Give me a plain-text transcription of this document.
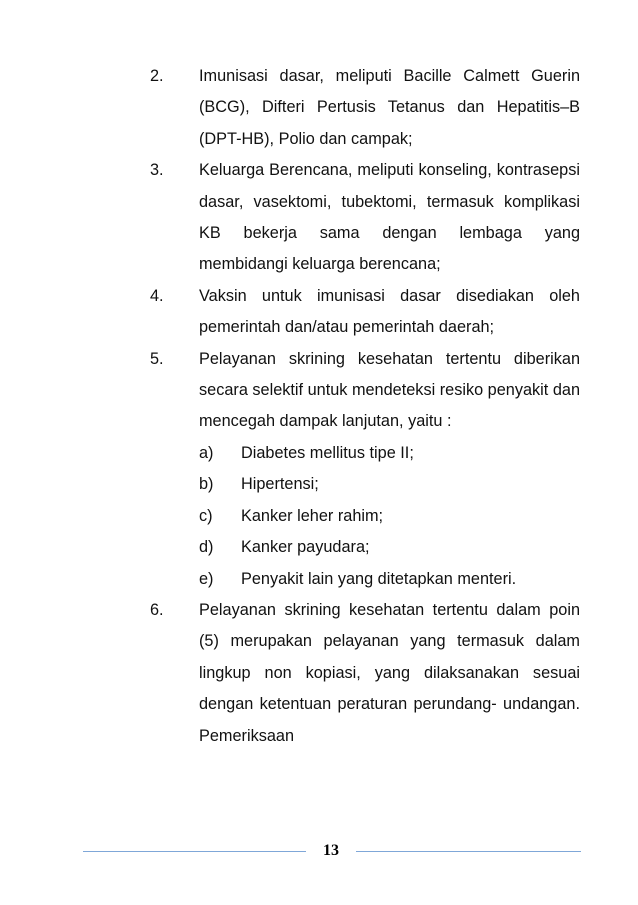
2. Imunisasi dasar, meliputi Bacille Calmett Guerin (BCG), Difteri Pertusis Tetanus dan Hepatitis–B (DPT-HB), Polio dan campak;
3. Keluarga Berencana, meliputi konseling, kontrasepsi dasar, vasektomi, tubektomi, termasuk komplikasi KB bekerja sama dengan lembaga yang membidangi keluarga berencana;
4. Vaksin untuk imunisasi dasar disediakan oleh pemerintah dan/atau pemerintah daerah;
5. Pelayanan skrining kesehatan tertentu diberikan secara selektif untuk mendeteksi resiko penyakit dan mencegah dampak lanjutan, yaitu :
a) Diabetes mellitus tipe II;
b) Hipertensi;
c) Kanker leher rahim;
d) Kanker payudara;
e) Penyakit lain yang ditetapkan menteri.
6. Pelayanan skrining kesehatan tertentu dalam poin (5) merupakan pelayanan yang termasuk dalam lingkup non kopiasi, yang dilaksanakan sesuai dengan ketentuan peraturan perundang- undangan. Pemeriksaan
13
